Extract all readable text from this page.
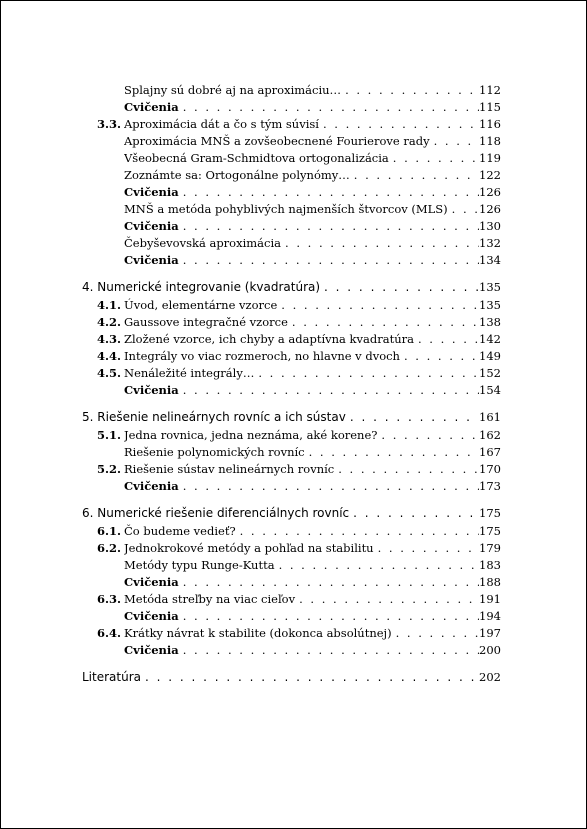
Splajny sú dobré aj na aproximáciu… . . .	112
Cvičenia . . .	115
3.3. Aproximácia dát a čo s tým súvisí . . .	116
Aproximácia MNŠ a zovšeobecnené Fourierove rady . . .	118
Všeobecná Gram-Schmidtova ortogonalizácia . . .	119
Zoznámte sa: Ortogonálne polynómy… . . .	122
Cvičenia . . .	126
MNŠ a metóda pohyblivých najmenších štvorcov (MLS) . . .	126
Cvičenia . . .	130
Čebyševovská aproximácia . . .	132
Cvičenia . . .	134
4. Numerické integrovanie (kvadratúra) . . .	135
4.1. Úvod, elementárne vzorce . . .	135
4.2. Gaussove integračné vzorce . . .	138
4.3. Zložené vzorce, ich chyby a adaptívna kvadratúra . . .	142
4.4. Integrály vo viac rozmeroch, no hlavne v dvoch . . .	149
4.5. Nenáležité integrály… . . .	152
Cvičenia . . .	154
5. Riešenie nelineárnych rovníc a ich sústav . . .	161
5.1. Jedna rovnica, jedna neznáma, aké korene? . . .	162
Riešenie polynomických rovníc . . .	167
5.2. Riešenie sústav nelineárnych rovníc . . .	170
Cvičenia . . .	173
6. Numerické riešenie diferenciálnych rovníc . . .	175
6.1. Čo budeme vedieť? . . .	175
6.2. Jednokrokové metódy a pohľad na stabilitu . . .	179
Metódy typu Runge-Kutta . . .	183
Cvičenia . . .	188
6.3. Metóda streľby na viac cieľov . . .	191
Cvičenia . . .	194
6.4. Krátky návrat k stabilite (dokonca absolútnej) . . .	197
Cvičenia . . .	200
Literatúra . . .	202
